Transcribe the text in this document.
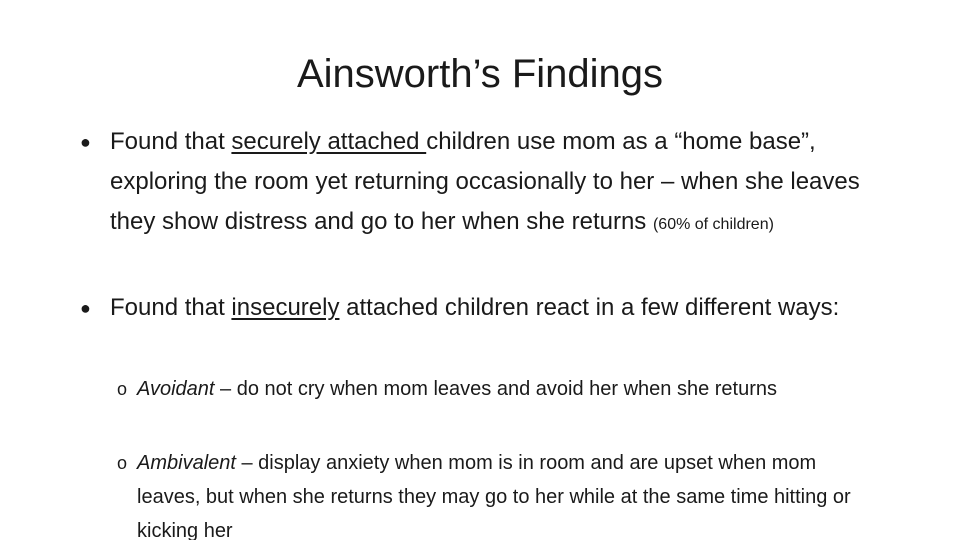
Ainsworth’s Findings
● Found that securely attached children use mom as a “home base”, exploring the room yet returning occasionally to her – when she leaves they show distress and go to her when she returns (60% of children)
● Found that insecurely attached children react in a few different ways:
o Avoidant – do not cry when mom leaves and avoid her when she returns
o Ambivalent – display anxiety when mom is in room and are upset when mom leaves, but when she returns they may go to her while at the same time hitting or kicking her
